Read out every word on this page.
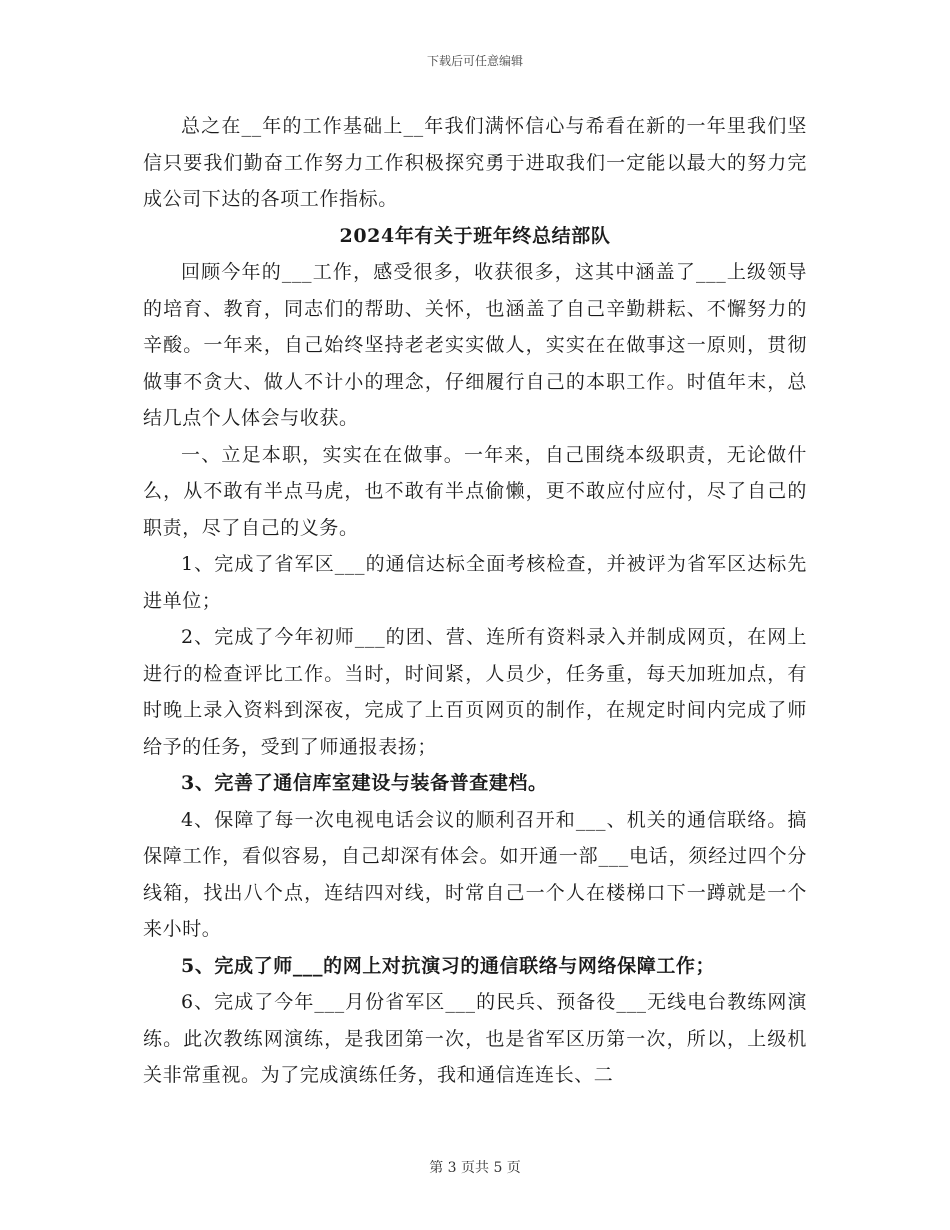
下载后可任意编辑

总之在__年的工作基础上__年我们满怀信心与希看在新的一年里我们坚信只要我们勤奋工作努力工作积极探究勇于进取我们一定能以最大的努力完成公司下达的各项工作指标。

2024年有关于班年终总结部队

回顾今年的___工作，感受很多，收获很多，这其中涵盖了___上级领导的培育、教育，同志们的帮助、关怀，也涵盖了自己辛勤耕耘、不懈努力的辛酸。一年来，自己始终坚持老老实实做人，实实在在做事这一原则，贯彻做事不贪大、做人不计小的理念，仔细履行自己的本职工作。时值年末，总结几点个人体会与收获。

一、立足本职，实实在在做事。一年来，自己围绕本级职责，无论做什么，从不敢有半点马虎，也不敢有半点偷懒，更不敢应付应付，尽了自己的职责，尽了自己的义务。

1、完成了省军区___的通信达标全面考核检查，并被评为省军区达标先进单位；

2、完成了今年初师___的团、营、连所有资料录入并制成网页，在网上进行的检查评比工作。当时，时间紧，人员少，任务重，每天加班加点，有时晚上录入资料到深夜，完成了上百页网页的制作，在规定时间内完成了师给予的任务，受到了师通报表扬；

3、完善了通信库室建设与装备普查建档。

4、保障了每一次电视电话会议的顺利召开和___、机关的通信联络。搞保障工作，看似容易，自己却深有体会。如开通一部___电话，须经过四个分线箱，找出八个点，连结四对线，时常自己一个人在楼梯口下一蹲就是一个来小时。

5、完成了师___的网上对抗演习的通信联络与网络保障工作；

6、完成了今年___月份省军区___的民兵、预备役___无线电台教练网演练。此次教练网演练，是我团第一次，也是省军区历第一次，所以，上级机关非常重视。为了完成演练任务，我和通信连连长、二

第 3 页共 5 页
